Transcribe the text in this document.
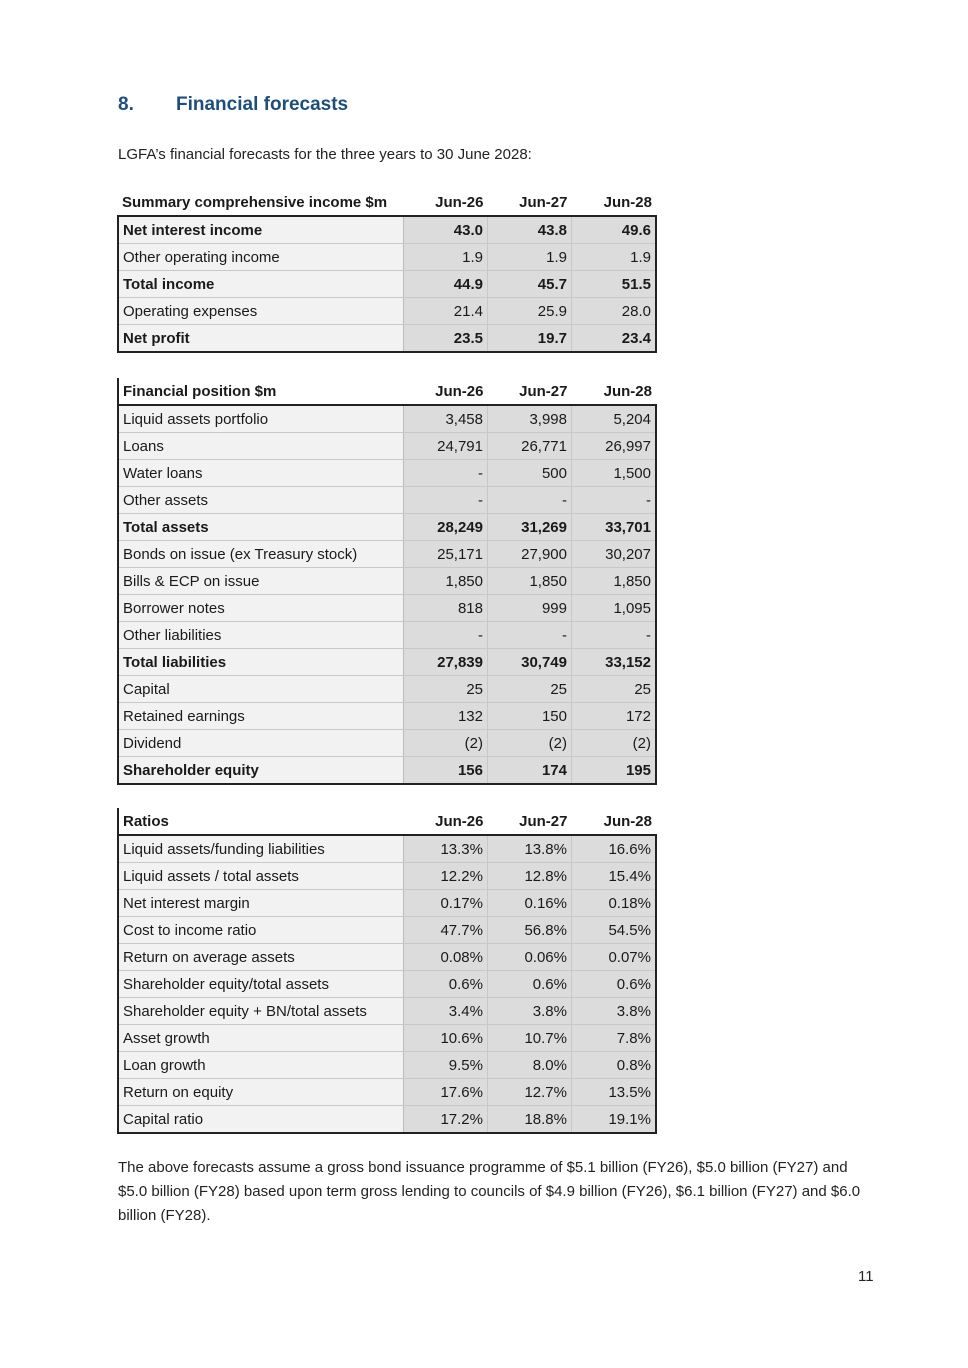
8. Financial forecasts
LGFA’s financial forecasts for the three years to 30 June 2028:
Summary comprehensive income $m	Jun-26	Jun-27	Jun-28
Net interest income	43.0	43.8	49.6
Other operating income	1.9	1.9	1.9
Total income	44.9	45.7	51.5
Operating expenses	21.4	25.9	28.0
Net profit	23.5	19.7	23.4
Financial position $m	Jun-26	Jun-27	Jun-28
Liquid assets portfolio	3,458	3,998	5,204
Loans	24,791	26,771	26,997
Water loans	-	500	1,500
Other assets	-	-	-
Total assets	28,249	31,269	33,701
Bonds on issue (ex Treasury stock)	25,171	27,900	30,207
Bills & ECP on issue	1,850	1,850	1,850
Borrower notes	818	999	1,095
Other liabilities	-	-	-
Total liabilities	27,839	30,749	33,152
Capital	25	25	25
Retained earnings	132	150	172
Dividend	(2)	(2)	(2)
Shareholder equity	156	174	195
Ratios	Jun-26	Jun-27	Jun-28
Liquid assets/funding liabilities	13.3%	13.8%	16.6%
Liquid assets / total assets	12.2%	12.8%	15.4%
Net interest margin	0.17%	0.16%	0.18%
Cost to income ratio	47.7%	56.8%	54.5%
Return on average assets	0.08%	0.06%	0.07%
Shareholder equity/total assets	0.6%	0.6%	0.6%
Shareholder equity + BN/total assets	3.4%	3.8%	3.8%
Asset growth	10.6%	10.7%	7.8%
Loan growth	9.5%	8.0%	0.8%
Return on equity	17.6%	12.7%	13.5%
Capital ratio	17.2%	18.8%	19.1%
The above forecasts assume a gross bond issuance programme of $5.1 billion (FY26), $5.0 billion (FY27) and $5.0 billion (FY28) based upon term gross lending to councils of $4.9 billion (FY26), $6.1 billion (FY27) and $6.0 billion (FY28).
11
